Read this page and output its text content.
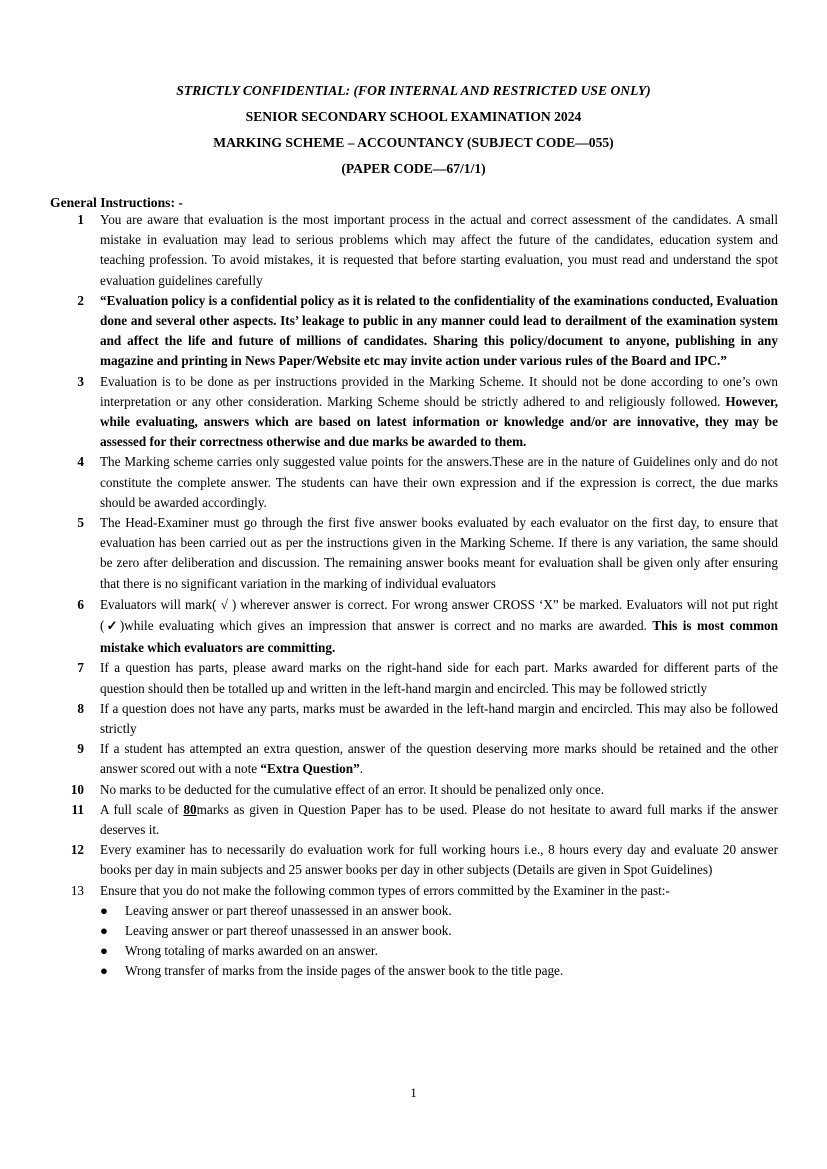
STRICTLY CONFIDENTIAL: (FOR INTERNAL AND RESTRICTED USE ONLY)
SENIOR SECONDARY SCHOOL EXAMINATION 2024
MARKING SCHEME – ACCOUNTANCY (SUBJECT CODE—055)
(PAPER CODE—67/1/1)
General Instructions: -
1	You are aware that evaluation is the most important process in the actual and correct assessment of the candidates. A small mistake in evaluation may lead to serious problems which may affect the future of the candidates, education system and teaching profession. To avoid mistakes, it is requested that before starting evaluation, you must read and understand the spot evaluation guidelines carefully
2	“Evaluation policy is a confidential policy as it is related to the confidentiality of the examinations conducted, Evaluation done and several other aspects. Its’ leakage to public in any manner could lead to derailment of the examination system and affect the life and future of millions of candidates. Sharing this policy/document to anyone, publishing in any magazine and printing in News Paper/Website etc may invite action under various rules of the Board and IPC.”
3	Evaluation is to be done as per instructions provided in the Marking Scheme. It should not be done according to one’s own interpretation or any other consideration. Marking Scheme should be strictly adhered to and religiously followed. However, while evaluating, answers which are based on latest information or knowledge and/or are innovative, they may be assessed for their correctness otherwise and due marks be awarded to them.
4	The Marking scheme carries only suggested value points for the answers.These are in the nature of Guidelines only and do not constitute the complete answer. The students can have their own expression and if the expression is correct, the due marks should be awarded accordingly.
5	The Head-Examiner must go through the first five answer books evaluated by each evaluator on the first day, to ensure that evaluation has been carried out as per the instructions given in the Marking Scheme. If there is any variation, the same should be zero after deliberation and discussion. The remaining answer books meant for evaluation shall be given only after ensuring that there is no significant variation in the marking of individual evaluators
6	Evaluators will mark( √ ) wherever answer is correct. For wrong answer CROSS ‘X” be marked. Evaluators will not put right (✓)while evaluating which gives an impression that answer is correct and no marks are awarded. This is most common mistake which evaluators are committing.
7	If a question has parts, please award marks on the right-hand side for each part. Marks awarded for different parts of the question should then be totalled up and written in the left-hand margin and encircled. This may be followed strictly
8	If a question does not have any parts, marks must be awarded in the left-hand margin and encircled. This may also be followed strictly
9	If a student has attempted an extra question, answer of the question deserving more marks should be retained and the other answer scored out with a note “Extra Question”.
10	No marks to be deducted for the cumulative effect of an error. It should be penalized only once.
11	A full scale of 80marks as given in Question Paper has to be used. Please do not hesitate to award full marks if the answer deserves it.
12	Every examiner has to necessarily do evaluation work for full working hours i.e., 8 hours every day and evaluate 20 answer books per day in main subjects and 25 answer books per day in other subjects (Details are given in Spot Guidelines)
13	Ensure that you do not make the following common types of errors committed by the Examiner in the past:-
●	Leaving answer or part thereof unassessed in an answer book.
●	Leaving answer or part thereof unassessed in an answer book.
●	Wrong totaling of marks awarded on an answer.
●	Wrong transfer of marks from the inside pages of the answer book to the title page.
1
